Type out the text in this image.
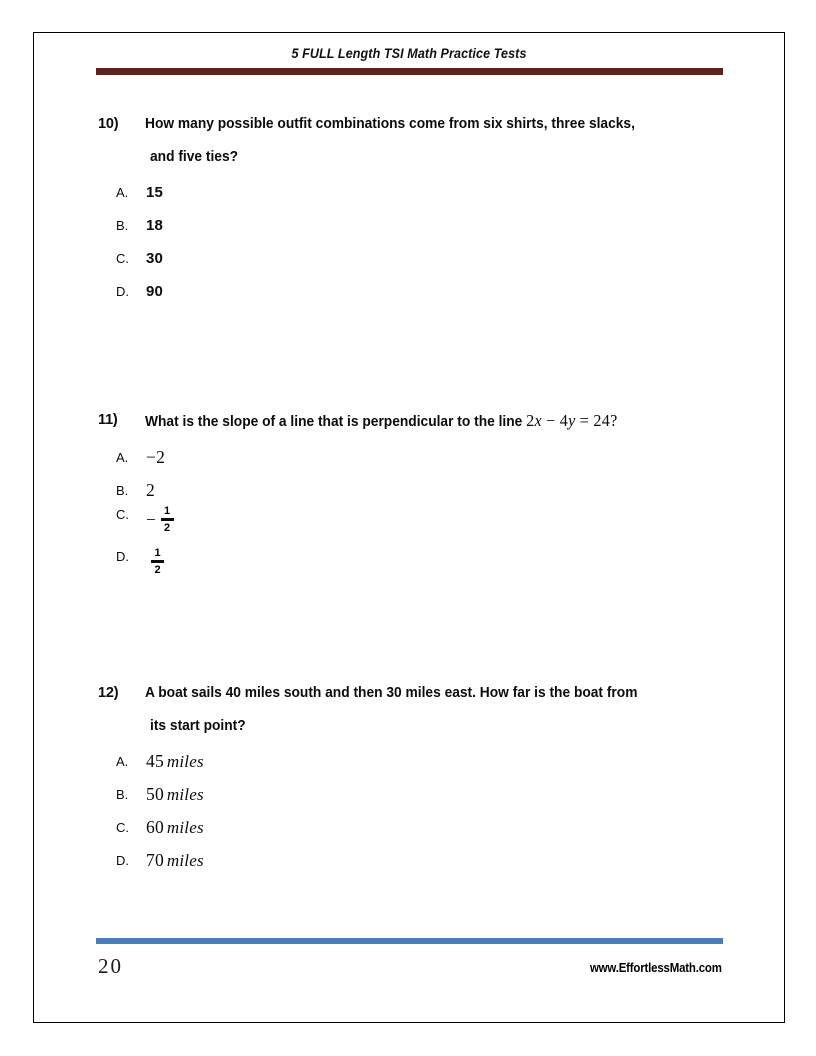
5 FULL Length TSI Math Practice Tests
10)	How many possible outfit combinations come from six shirts, three slacks,
and five ties?
A. 15
B. 18
C. 30
D. 90
11)	What is the slope of a line that is perpendicular to the line 2x − 4y = 24?
A. −2
B. 2
C. − $\frac{1}{2}$
D. $\frac{1}{2}$
12)	A boat sails 40 miles south and then 30 miles east. How far is the boat from
its start point?
A. 45 miles
B. 50 miles
C. 60 miles
D. 70 miles
20	www.EffortlessMath.com
